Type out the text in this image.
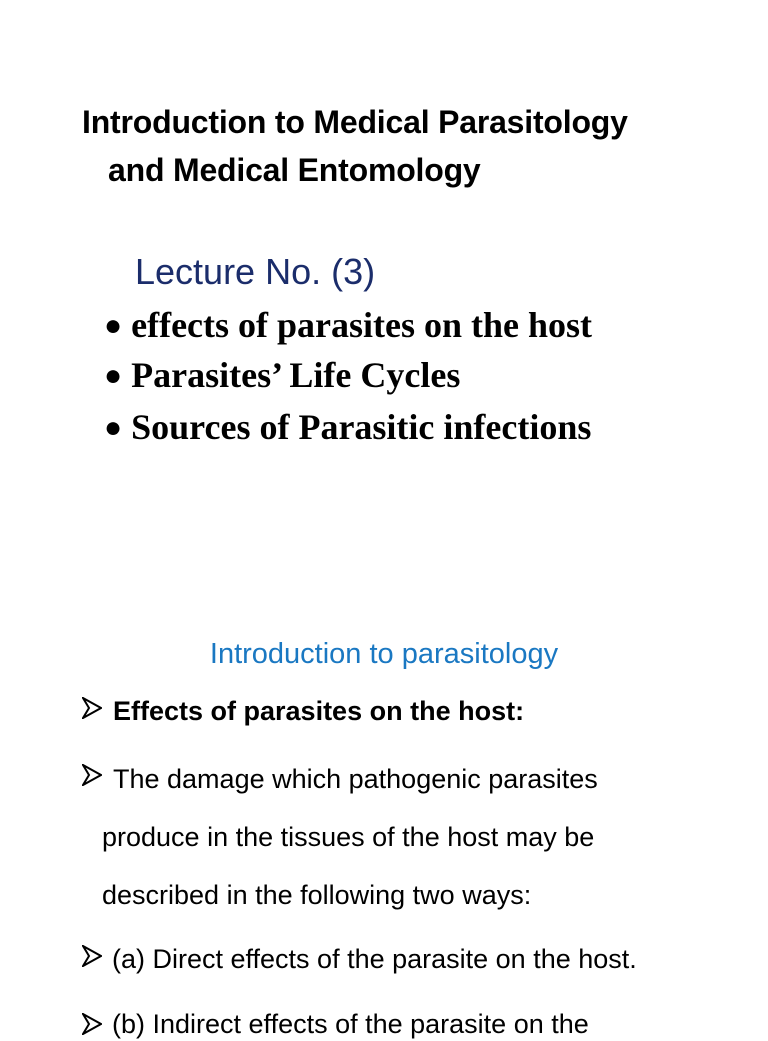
Introduction to Medical Parasitology
and Medical Entomology
Lecture No. (3)
● effects of parasites on the host
● Parasites’ Life Cycles
● Sources of Parasitic infections
Introduction to parasitology
Effects of parasites on the host:
The damage which pathogenic parasites
produce in the tissues of the host may be
described in the following two ways:
(a) Direct effects of the parasite on the host.
(b) Indirect effects of the parasite on the
